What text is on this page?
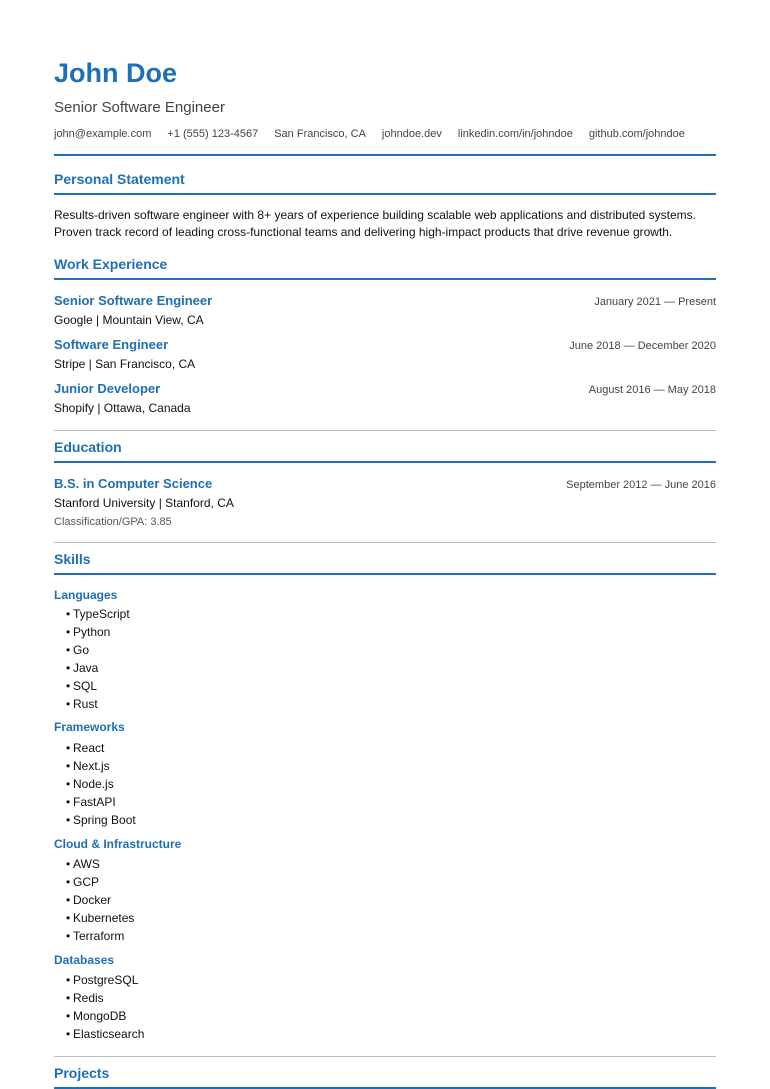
John Doe
Senior Software Engineer
john@example.com +1 (555) 123-4567 San Francisco, CA johndoe.dev linkedin.com/in/johndoe github.com/johndoe
Personal Statement
Results-driven software engineer with 8+ years of experience building scalable web applications and distributed systems.
Proven track record of leading cross-functional teams and delivering high-impact products that drive revenue growth.
Work Experience
Senior Software Engineer	January 2021 — Present
Google | Mountain View, CA
Software Engineer	June 2018 — December 2020
Stripe | San Francisco, CA
Junior Developer	August 2016 — May 2018
Shopify | Ottawa, Canada
Education
B.S. in Computer Science	September 2012 — June 2016
Stanford University | Stanford, CA
Classification/GPA: 3.85
Skills
Languages
• TypeScript
• Python
• Go
• Java
• SQL
• Rust
Frameworks
• React
• Next.js
• Node.js
• FastAPI
• Spring Boot
Cloud & Infrastructure
• AWS
• GCP
• Docker
• Kubernetes
• Terraform
Databases
• PostgreSQL
• Redis
• MongoDB
• Elasticsearch
Projects
